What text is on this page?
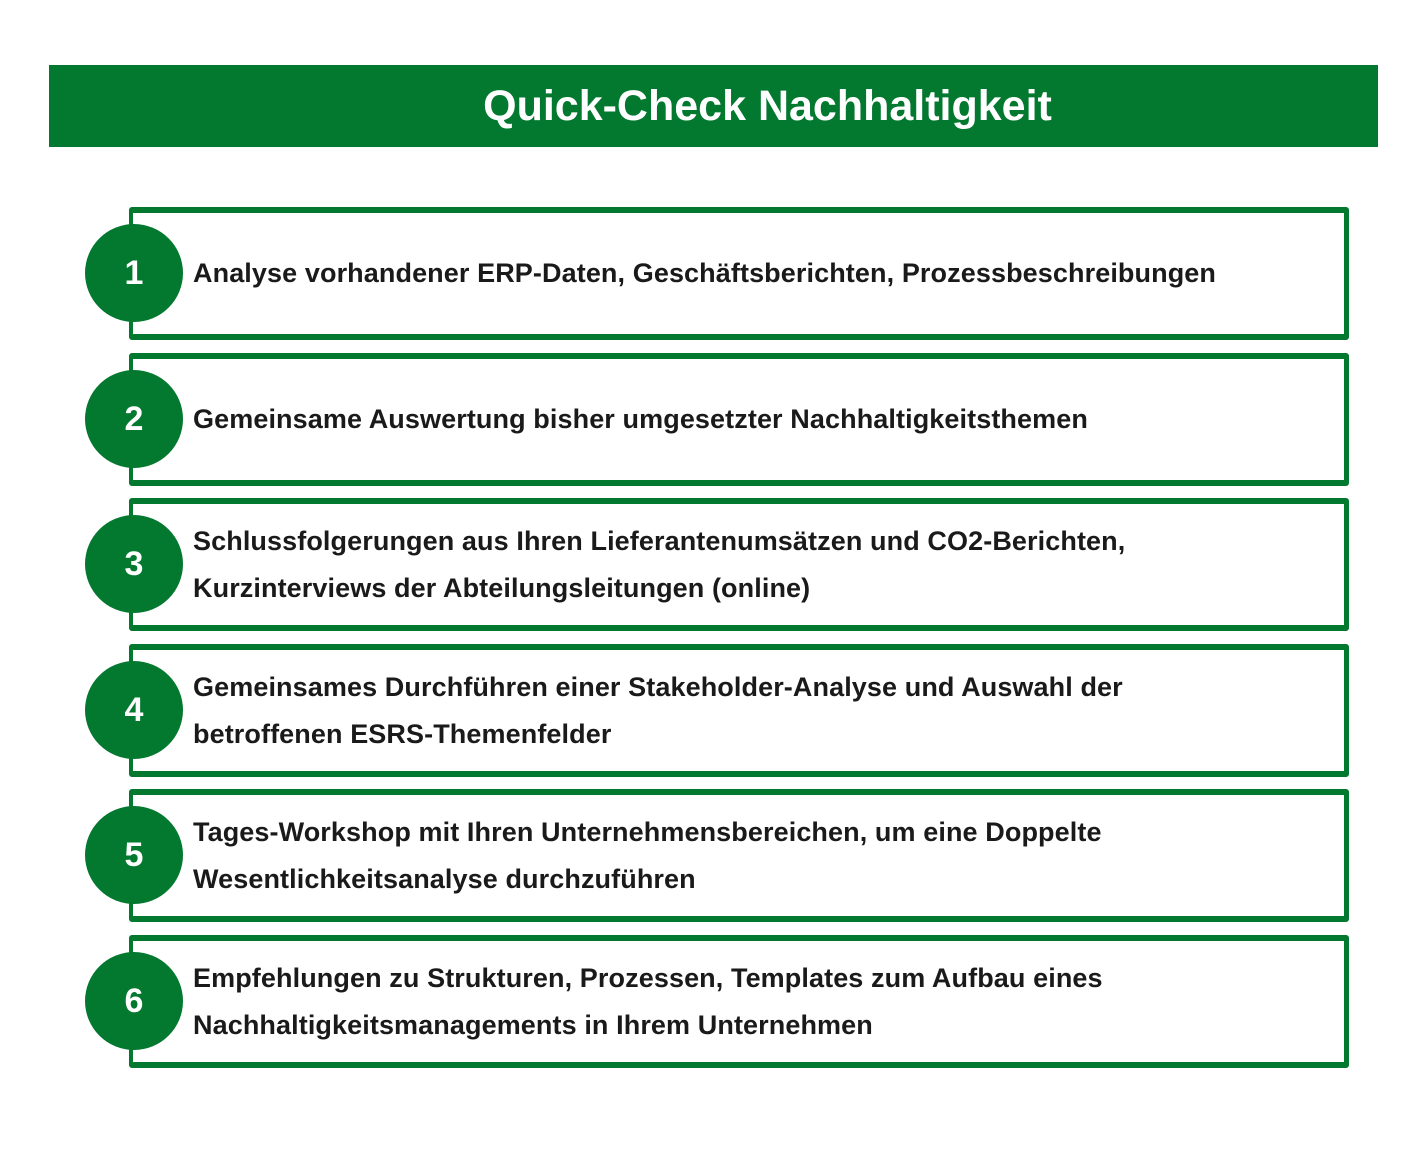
Quick-Check Nachhaltigkeit
1	Analyse vorhandener ERP-Daten, Geschäftsberichten, Prozessbeschreibungen
2	Gemeinsame Auswertung bisher umgesetzter Nachhaltigkeitsthemen
3
Schlussfolgerungen aus Ihren Lieferantenumsätzen und CO2-Berichten, Kurzinterviews der Abteilungsleitungen (online)
4
Gemeinsames Durchführen einer Stakeholder-Analyse und Auswahl der betroffenen ESRS-Themenfelder
5
Tages-Workshop mit Ihren Unternehmensbereichen, um eine Doppelte Wesentlichkeitsanalyse durchzuführen
6
Empfehlungen zu Strukturen, Prozessen, Templates zum Aufbau eines Nachhaltigkeitsmanagements in Ihrem Unternehmen
